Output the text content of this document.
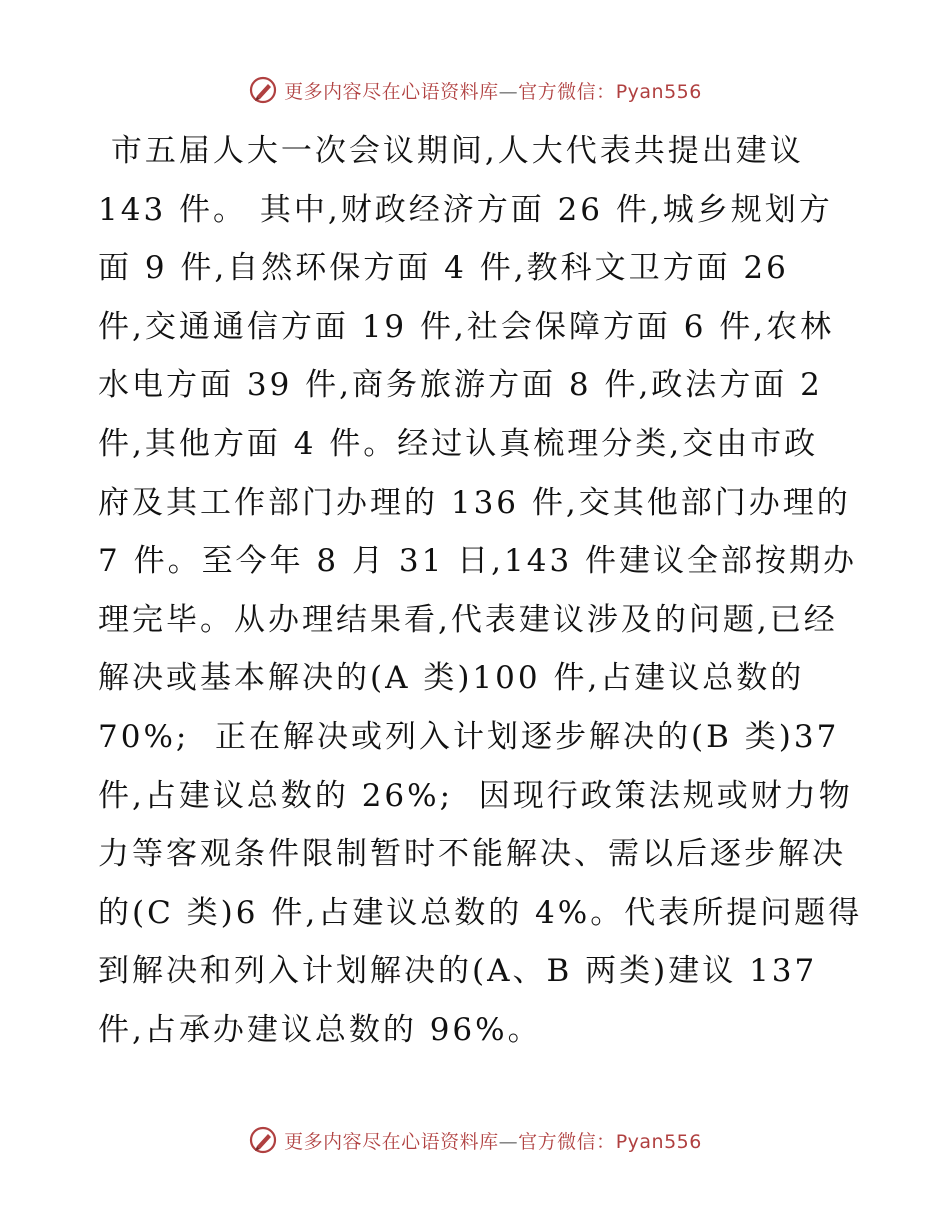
更多内容尽在心语资料库—官方微信：Pyan556
市五届人大一次会议期间,人大代表共提出建议
143 件。 其中,财政经济方面 26 件,城乡规划方
面 9 件,自然环保方面 4 件,教科文卫方面 26
件,交通通信方面 19 件,社会保障方面 6 件,农林
水电方面 39 件,商务旅游方面 8 件,政法方面 2
件,其他方面 4 件。经过认真梳理分类,交由市政
府及其工作部门办理的 136 件,交其他部门办理的
7 件。至今年 8 月 31 日,143 件建议全部按期办
理完毕。从办理结果看,代表建议涉及的问题,已经
解决或基本解决的(A 类)100 件,占建议总数的
70%;  正在解决或列入计划逐步解决的(B 类)37
件,占建议总数的 26%;  因现行政策法规或财力物
力等客观条件限制暂时不能解决、需以后逐步解决
的(C 类)6 件,占建议总数的 4%。代表所提问题得
到解决和列入计划解决的(A、B 两类)建议 137
件,占承办建议总数的 96%。
更多内容尽在心语资料库—官方微信：Pyan556
